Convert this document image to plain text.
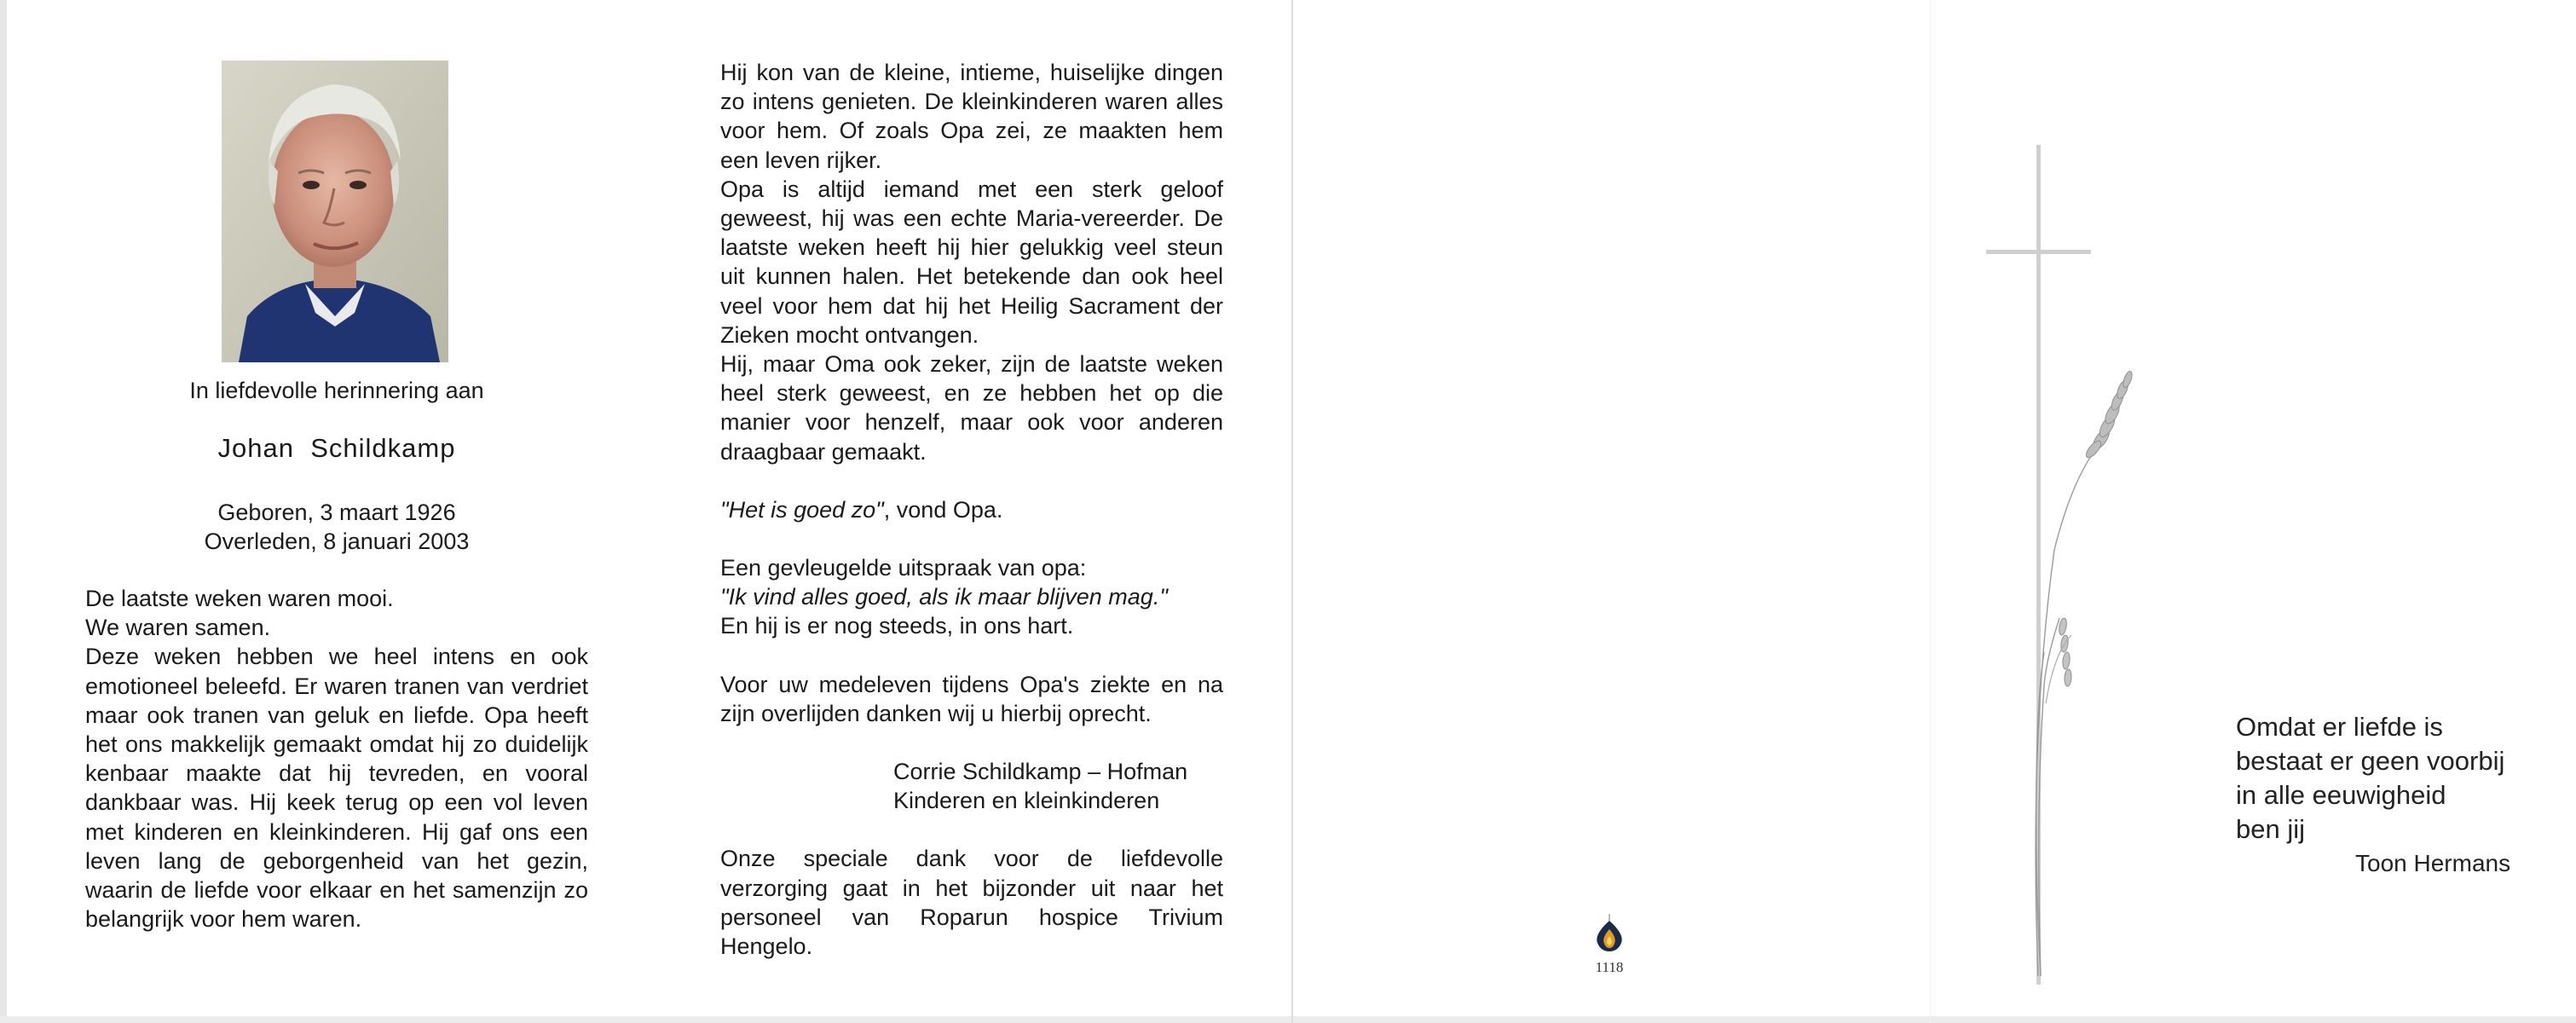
In liefdevolle herinnering aan
Johan  Schildkamp
Geboren, 3 maart 1926
Overleden, 8 januari 2003

De laatste weken waren mooi.

We waren samen.

Deze weken hebben we heel intens en ook emotioneel beleefd. Er waren tranen van verdriet maar ook tranen van geluk en liefde. Opa heeft het ons makkelijk gemaakt omdat hij zo duidelijk kenbaar maakte dat hij tevreden, en vooral dankbaar was. Hij keek terug op een vol leven met kinderen en kleinkinderen. Hij gaf ons een leven lang de geborgenheid van het gezin, waarin de liefde voor elkaar en het samenzijn zo belangrijk voor hem waren.

Hij kon van de kleine, intieme, huiselijke dingen zo intens genieten. De kleinkinderen waren alles voor hem. Of zoals Opa zei, ze maakten hem een leven rijker.

Opa is altijd iemand met een sterk geloof geweest, hij was een echte Maria-vereerder. De laatste weken heeft hij hier gelukkig veel steun uit kunnen halen. Het betekende dan ook heel veel voor hem dat hij het Heilig Sacrament der Zieken mocht ontvangen.

Hij, maar Oma ook zeker, zijn de laatste weken heel sterk geweest, en ze hebben het op die manier voor henzelf, maar ook voor anderen draagbaar gemaakt.

"Het is goed zo", vond Opa.

Een gevleugelde uitspraak van opa:

"Ik vind alles goed, als ik maar blijven mag."

En hij is er nog steeds, in ons hart.

Voor uw medeleven tijdens Opa's ziekte en na zijn overlijden danken wij u hierbij oprecht.

Corrie Schildkamp – Hofman

Kinderen en kleinkinderen

Onze speciale dank voor de liefdevolle verzorging gaat in het bijzonder uit naar het personeel van Roparun hospice Trivium Hengelo.

1118
Omdat er liefde is
bestaat er geen voorbij
in alle eeuwigheid
ben jij
Toon Hermans
